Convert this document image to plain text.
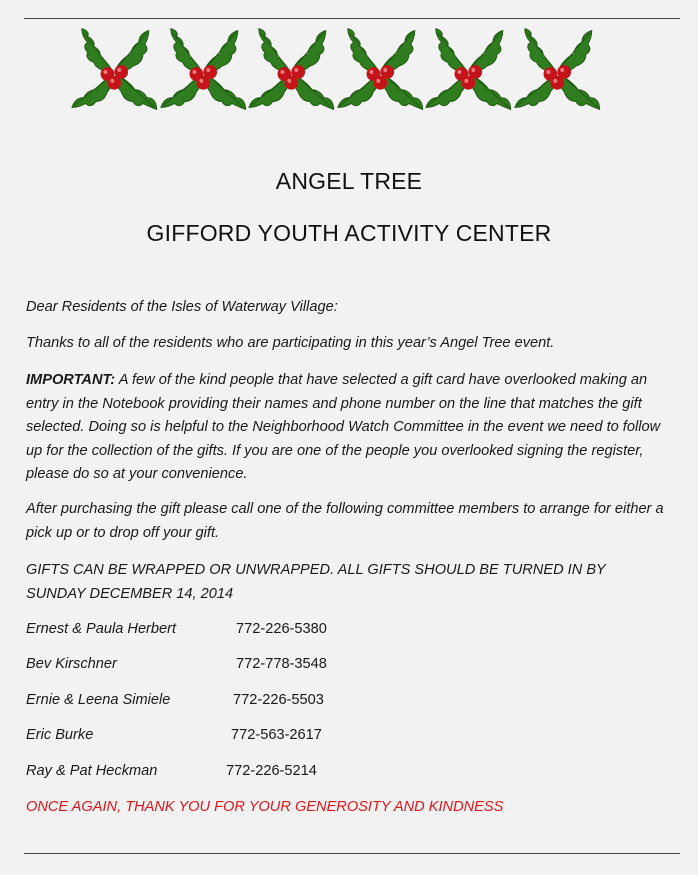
ANGEL TREE
GIFFORD YOUTH ACTIVITY CENTER
Dear Residents of the Isles of Waterway Village:
Thanks to all of the residents who are participating in this year’s Angel Tree event.
IMPORTANT: A few of the kind people that have selected a gift card have overlooked making an entry in the Notebook providing their names and phone number on the line that matches the gift selected. Doing so is helpful to the Neighborhood Watch Committee in the event we need to follow up for the collection of the gifts. If you are one of the people you overlooked signing the register, please do so at your convenience.
After purchasing the gift please call one of the following committee members to arrange for either a pick up or to drop off your gift.
GIFTS CAN BE WRAPPED OR UNWRAPPED. ALL GIFTS SHOULD BE TURNED IN BY SUNDAY DECEMBER 14, 2014
Ernest & Paula Herbert	772-226-5380
Bev Kirschner	772-778-3548
Ernie & Leena Simiele	772-226-5503
Eric Burke	772-563-2617
Ray & Pat Heckman	772-226-5214
ONCE AGAIN, THANK YOU FOR YOUR GENEROSITY AND KINDNESS
